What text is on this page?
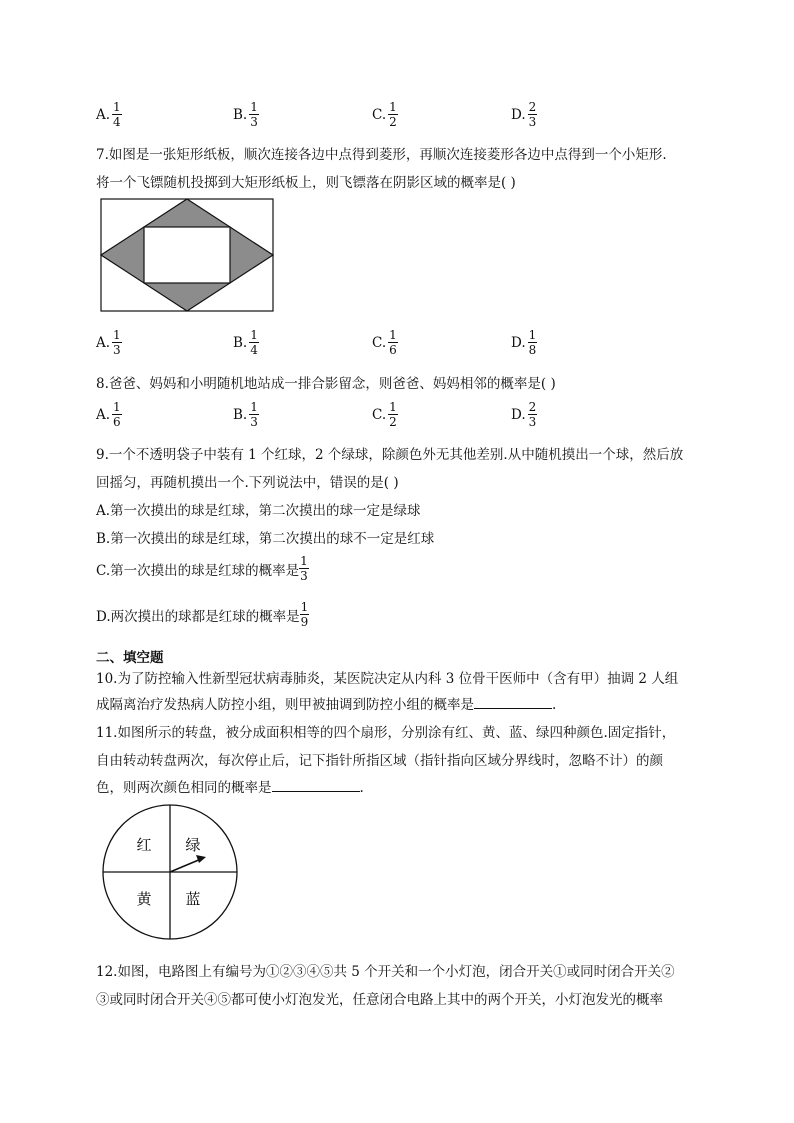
A. $\frac{1}{4}$	B. $\frac{1}{3}$	C. $\frac{1}{2}$	D. $\frac{2}{3}$
7.如图是一张矩形纸板，顺次连接各边中点得到菱形，再顺次连接菱形各边中点得到一个小矩形.
将一个飞镖随机投掷到大矩形纸板上，则飞镖落在阴影区域的概率是( )
A. $\frac{1}{3}$	B. $\frac{1}{4}$	C. $\frac{1}{6}$	D. $\frac{1}{8}$
8.爸爸、妈妈和小明随机地站成一排合影留念，则爸爸、妈妈相邻的概率是( )
A. $\frac{1}{6}$	B. $\frac{1}{3}$	C. $\frac{1}{2}$	D. $\frac{2}{3}$
9.一个不透明袋子中装有 1 个红球，2 个绿球，除颜色外无其他差别.从中随机摸出一个球，然后放
回摇匀，再随机摸出一个.下列说法中，错误的是( )
A.第一次摸出的球是红球，第二次摸出的球一定是绿球
B.第一次摸出的球是红球，第二次摸出的球不一定是红球
C.第一次摸出的球是红球的概率是 $\frac{1}{3}$
D.两次摸出的球都是红球的概率是 $\frac{1}{9}$
二、填空题
10.为了防控输入性新型冠状病毒肺炎，某医院决定从内科 3 位骨干医师中（含有甲）抽调 2 人组
成隔离治疗发热病人防控小组，则甲被抽调到防控小组的概率是	.
11.如图所示的转盘，被分成面积相等的四个扇形，分别涂有红、黄、蓝、绿四种颜色.固定指针，
自由转动转盘两次，每次停止后，记下指针所指区域（指针指向区域分界线时，忽略不计）的颜
色，则两次颜色相同的概率是	.
红 绿
黄 蓝
12.如图，电路图上有编号为①②③④⑤共 5 个开关和一个小灯泡，闭合开关①或同时闭合开关②
③或同时闭合开关④⑤都可使小灯泡发光，任意闭合电路上其中的两个开关，小灯泡发光的概率
